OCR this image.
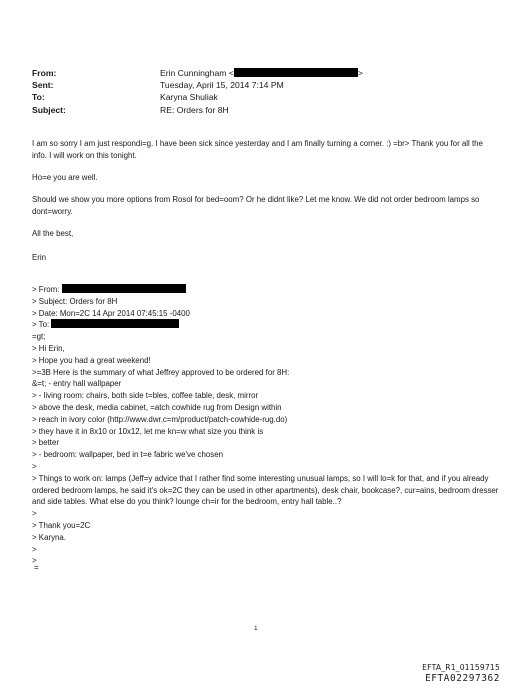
From:	Erin Cunningham <	>
Sent:	Tuesday, April 15, 2014 7:14 PM
To:	Karyna Shuliak
Subject:	RE: Orders for 8H
I am so sorry I am just respondi=g. I have been sick since yesterday and I am finally turning a corner. :) =br> Thank you for all the info. I will work on this tonight.
Ho=e you are well.
Should we show you more options from Rosol for bed=oom? Or he didnt like? Let me know. We did not order bedroom lamps so dont=worry.
All the best,
Erin
> From:
> Subject: Orders for 8H
> Date: Mon=2C 14 Apr 2014 07:45:15 -0400
> To:
=gt;
> Hi Erin,
> Hope you had a great weekend!
>=3B Here is the summary of what Jeffrey approved to be ordered for 8H:
&=t; - entry hall wallpaper
> - living room: chairs, both side t=bles, coffee table, desk, mirror
> above the desk, media cabinet, =atch cowhide rug from Design within
> reach in ivory color (http://www.dwr.c=m/product/patch-cowhide-rug.do)
> they have it in 8x10 or 10x12, let me kn=w what size you think is
> better
> - bedroom: wallpaper, bed in t=e fabric we've chosen
>
> Things to work on: lamps (Jeff=y advice that I rather find some interesting unusual lamps, so I will lo=k for that, and if you already ordered bedroom lamps, he said it's ok=2C they can be used in other apartments), desk chair, bookcase?, cur=ains, bedroom dresser and side tables. What else do you think? lounge ch=ir for the bedroom, entry hall table..?
>
> Thank you=2C
> Karyna.
>
>
=
1
EFTA_R1_01159715
EFTA02297362
